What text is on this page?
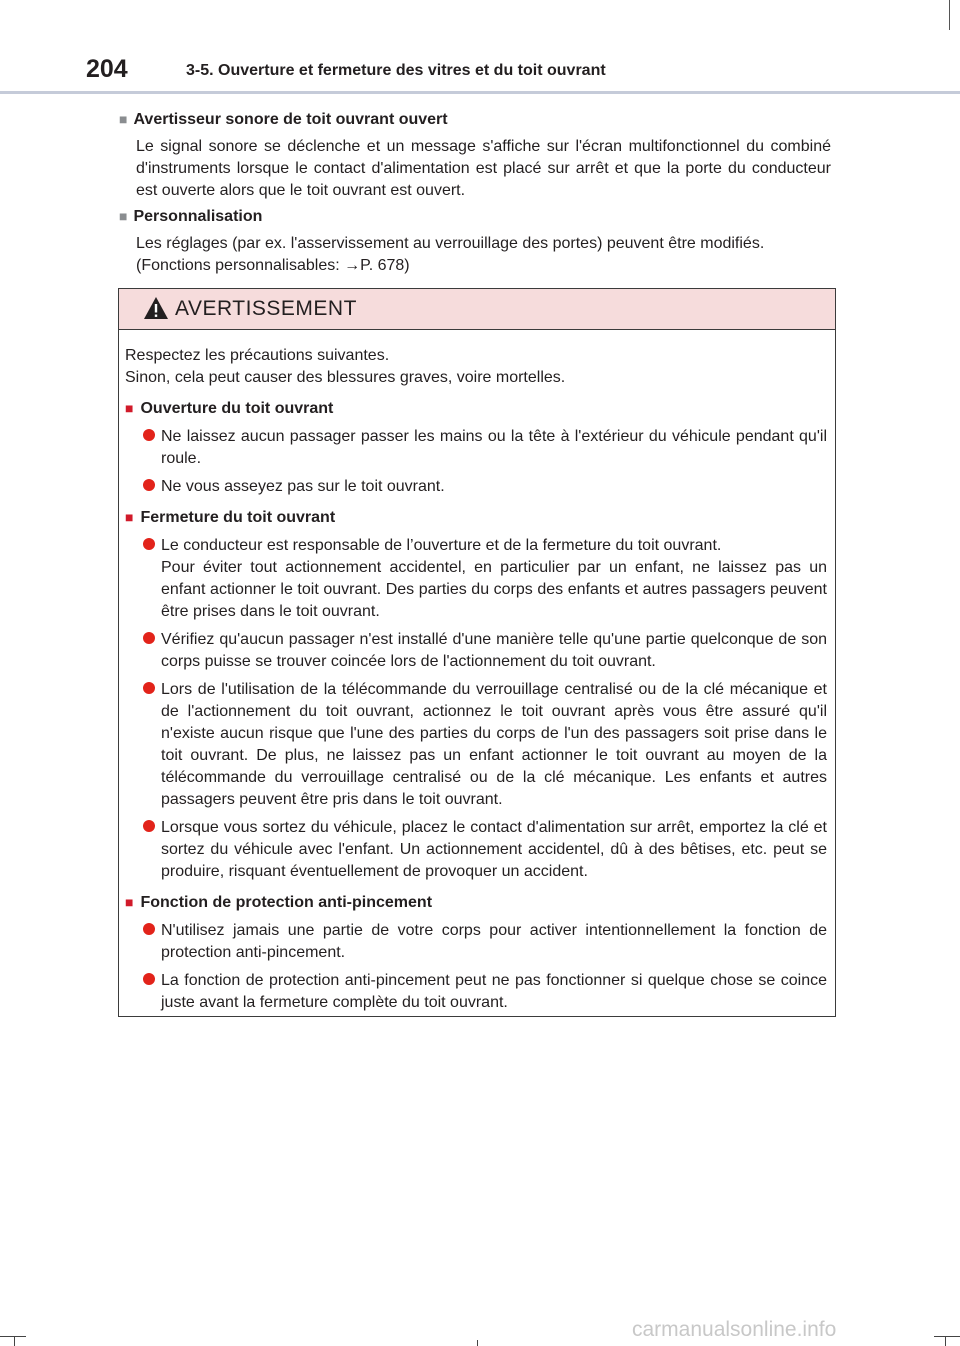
204	3-5. Ouverture et fermeture des vitres et du toit ouvrant
■ Avertisseur sonore de toit ouvrant ouvert

Le signal sonore se déclenche et un message s'affiche sur l'écran multifonctionnel du combiné d'instruments lorsque le contact d'alimentation est placé sur arrêt et que la porte du conducteur est ouverte alors que le toit ouvrant est ouvert.

■ Personnalisation

Les réglages (par ex. l'asservissement au verrouillage des portes) peuvent être modifiés.

(Fonctions personnalisables: →P. 678)

AVERTISSEMENT

Respectez les précautions suivantes.

Sinon, cela peut causer des blessures graves, voire mortelles.

■ Ouverture du toit ouvrant

Ne laissez aucun passager passer les mains ou la tête à l'extérieur du véhicule pendant qu'il roule.

Ne vous asseyez pas sur le toit ouvrant.

■ Fermeture du toit ouvrant

Le conducteur est responsable de l’ouverture et de la fermeture du toit ouvrant.

Pour éviter tout actionnement accidentel, en particulier par un enfant, ne laissez pas un enfant actionner le toit ouvrant. Des parties du corps des enfants et autres passagers peuvent être prises dans le toit ouvrant.

Vérifiez qu'aucun passager n'est installé d'une manière telle qu'une partie quelconque de son corps puisse se trouver coincée lors de l'actionnement du toit ouvrant.

Lors de l'utilisation de la télécommande du verrouillage centralisé ou de la clé mécanique et de l'actionnement du toit ouvrant, actionnez le toit ouvrant après vous être assuré qu'il n'existe aucun risque que l'une des parties du corps de l'un des passagers soit prise dans le toit ouvrant. De plus, ne laissez pas un enfant actionner le toit ouvrant au moyen de la télécommande du verrouillage centralisé ou de la clé mécanique. Les enfants et autres passagers peuvent être pris dans le toit ouvrant.

Lorsque vous sortez du véhicule, placez le contact d'alimentation sur arrêt, emportez la clé et sortez du véhicule avec l'enfant. Un actionnement accidentel, dû à des bêtises, etc. peut se produire, risquant éventuellement de provoquer un accident.

■ Fonction de protection anti-pincement

N'utilisez jamais une partie de votre corps pour activer intentionnellement la fonction de protection anti-pincement.

La fonction de protection anti-pincement peut ne pas fonctionner si quelque chose se coince juste avant la fermeture complète du toit ouvrant.

carmanualsonline.info
